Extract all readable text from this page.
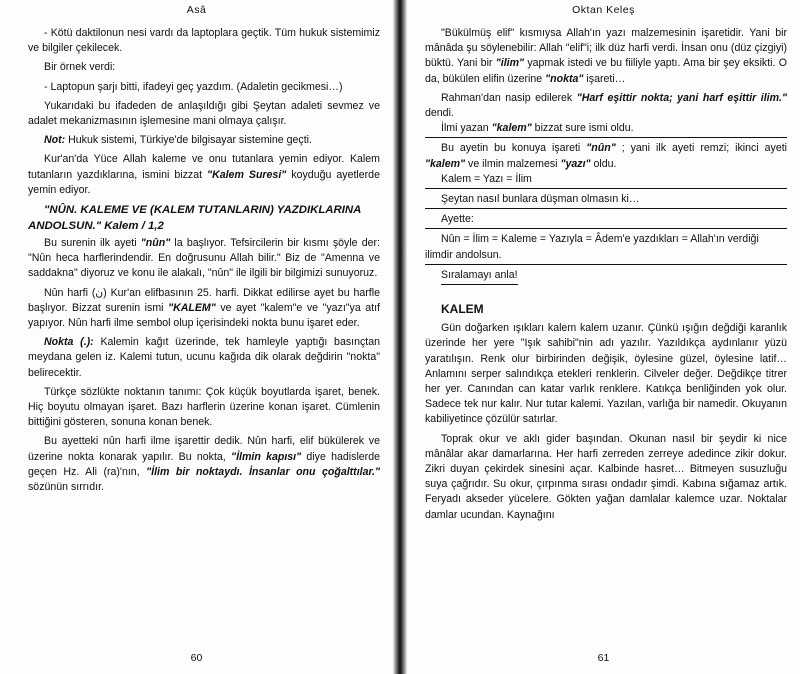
Asâ

- Kötü daktilonun nesi vardı da laptoplara geçtik. Tüm hukuk sistemimiz ve bilgiler çekilecek.

Bir örnek verdi:

- Laptopun şarjı bitti, ifadeyi geç yazdım. (Adaletin gecikmesi…)

Yukarıdaki bu ifadeden de anlaşıldığı gibi Şeytan adaleti sevmez ve adalet mekanizmasının işlemesine mani olmaya çalışır.

Not: Hukuk sistemi, Türkiye'de bilgisayar sistemine geçti.

Kur'an'da Yüce Allah kaleme ve onu tutanlara yemin ediyor. Kalem tutanların yazdıklarına, ismini bizzat "Kalem Suresi" koyduğu ayetlerde yemin ediyor.

"NÛN. KALEME VE (KALEM TUTANLARIN) YAZDIKLARINA ANDOLSUN." Kalem / 1,2

Bu surenin ilk ayeti "nûn" la başlıyor. Tefsircilerin bir kısmı şöyle der: "Nûn heca harflerindendir. En doğrusunu Allah bilir." Biz de "Amenna ve saddakna" diyoruz ve konu ile alakalı, "nûn" ile ilgili bir bilgimizi sunuyoruz.

Nûn harfi (ن) Kur'an elifbasının 25. harfi. Dikkat edilirse ayet bu harfle başlıyor. Bizzat surenin ismi "KALEM" ve ayet "kalem"e ve "yazı"ya atıf yapıyor. Nûn harfi ilme sembol olup içerisindeki nokta bunu işaret eder.

Nokta (.): Kalemin kağıt üzerinde, tek hamleyle yaptığı basınçtan meydana gelen iz. Kalemi tutun, ucunu kağıda dik olarak değdirin "nokta" belirecektir.

Türkçe sözlükte noktanın tanımı: Çok küçük boyutlarda işaret, benek. Hiç boyutu olmayan işaret. Bazı harflerin üzerine konan işaret. Cümlenin bittiğini gösteren, sonuna konan benek.

Bu ayetteki nûn harfi ilme işarettir dedik. Nûn harfi, elif bükülerek ve üzerine nokta konarak yapılır. Bu nokta, "İlmin kapısı" diye hadislerde geçen Hz. Ali (ra)'nın, "İlim bir noktaydı. İnsanlar onu çoğalttılar." sözünün sırrıdır.

60
Oktan Keleş

"Bükülmüş elif" kısmıysa Allah'ın yazı malzemesinin işaretidir. Yani bir mânâda şu söylenebilir: Allah "elif"i; ilk düz harfi verdi. İnsan onu (düz çizgiyi) büktü. Yani bir "ilim" yapmak istedi ve bu fiiliyle yaptı. Ama bir şey eksikti. O da, bükülen elifin üzerine "nokta" işareti…

Rahman'dan nasip edilerek "Harf eşittir nokta; yani harf eşittir ilim." dendi.

İlmi yazan "kalem" bizzat sure ismi oldu.

Bu ayetin bu konuya işareti "nûn" ; yani ilk ayeti remzi; ikinci ayeti "kalem" ve ilmin malzemesi "yazı" oldu.

Kalem = Yazı = İlim
Şeytan nasıl bunlara düşman olmasın ki…
Ayette:
Nûn = İlim = Kaleme = Yazıyla = Âdem'e yazdıkları = Allah'ın verdiği ilimdir andolsun.
Sıralamayı anla!
KALEM

Gün doğarken ışıkları kalem kalem uzanır. Çünkü ışığın değdiği karanlık üzerinde her yere "Işık sahibi"nin adı yazılır. Yazıldıkça aydınlanır yüzü yaratılışın. Renk olur birbirinden değişik, öylesine güzel, öylesine latif… Anlamını serper salındıkça etekleri renklerin. Cilveler değer. Değdikçe titrer her yer. Canından can katar varlık renklere. Katıkça benliğinden yok olur. Sadece tek nur kalır. Nur tutar kalemi. Yazılan, varlığa bir namedir. Okuyanın kabiliyetince çözülür satırlar.

Toprak okur ve aklı gider başından. Okunan nasıl bir şeydir ki nice mânâlar akar damarlarına. Her harfi zerreden zerreye adedince zikir dokur. Zikri duyan çekirdek sinesini açar. Kalbinde hasret… Bitmeyen susuzluğu suya çağrıdır. Su okur, çırpınma sırası ondadır şimdi. Kabına sığamaz artık. Feryadı akseder yücelere. Gökten yağan damlalar kalemce uzar. Noktalar damlar ucundan. Kaynağını

61
